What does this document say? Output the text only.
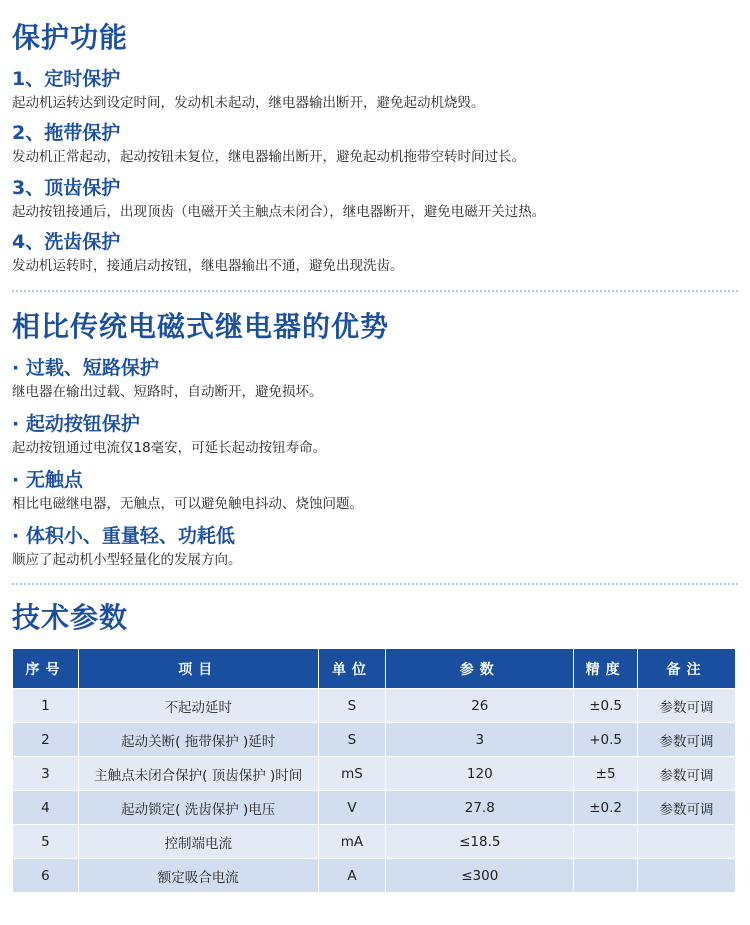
保护功能
1、定时保护

起动机运转达到设定时间，发动机未起动，继电器输出断开，避免起动机烧毁。

2、拖带保护

发动机正常起动，起动按钮未复位，继电器输出断开，避免起动机拖带空转时间过长。

3、顶齿保护

起动按钮接通后，出现顶齿（电磁开关主触点未闭合），继电器断开，避免电磁开关过热。

4、洗齿保护

发动机运转时，接通启动按钮，继电器输出不通，避免出现洗齿。

相比传统电磁式继电器的优势
· 过载、短路保护

继电器在输出过载、短路时，自动断开，避免损坏。

· 起动按钮保护

起动按钮通过电流仅18毫安，可延长起动按钮寿命。

· 无触点

相比电磁继电器，无触点，可以避免触电抖动、烧蚀问题。

· 体积小、重量轻、功耗低

顺应了起动机小型轻量化的发展方向。

技术参数
序号	项目	单位	参数	精度	备注
1	不起动延时	S	26	±0.5	参数可调
2	起动关断( 拖带保护 )延时	S	3	+0.5	参数可调
3	主触点未闭合保护( 顶齿保护 )时间	mS	120	±5	参数可调
4	起动锁定( 洗齿保护 )电压	V	27.8	±0.2	参数可调
5	控制端电流	mA	≤18.5		
6	额定吸合电流	A	≤300		
